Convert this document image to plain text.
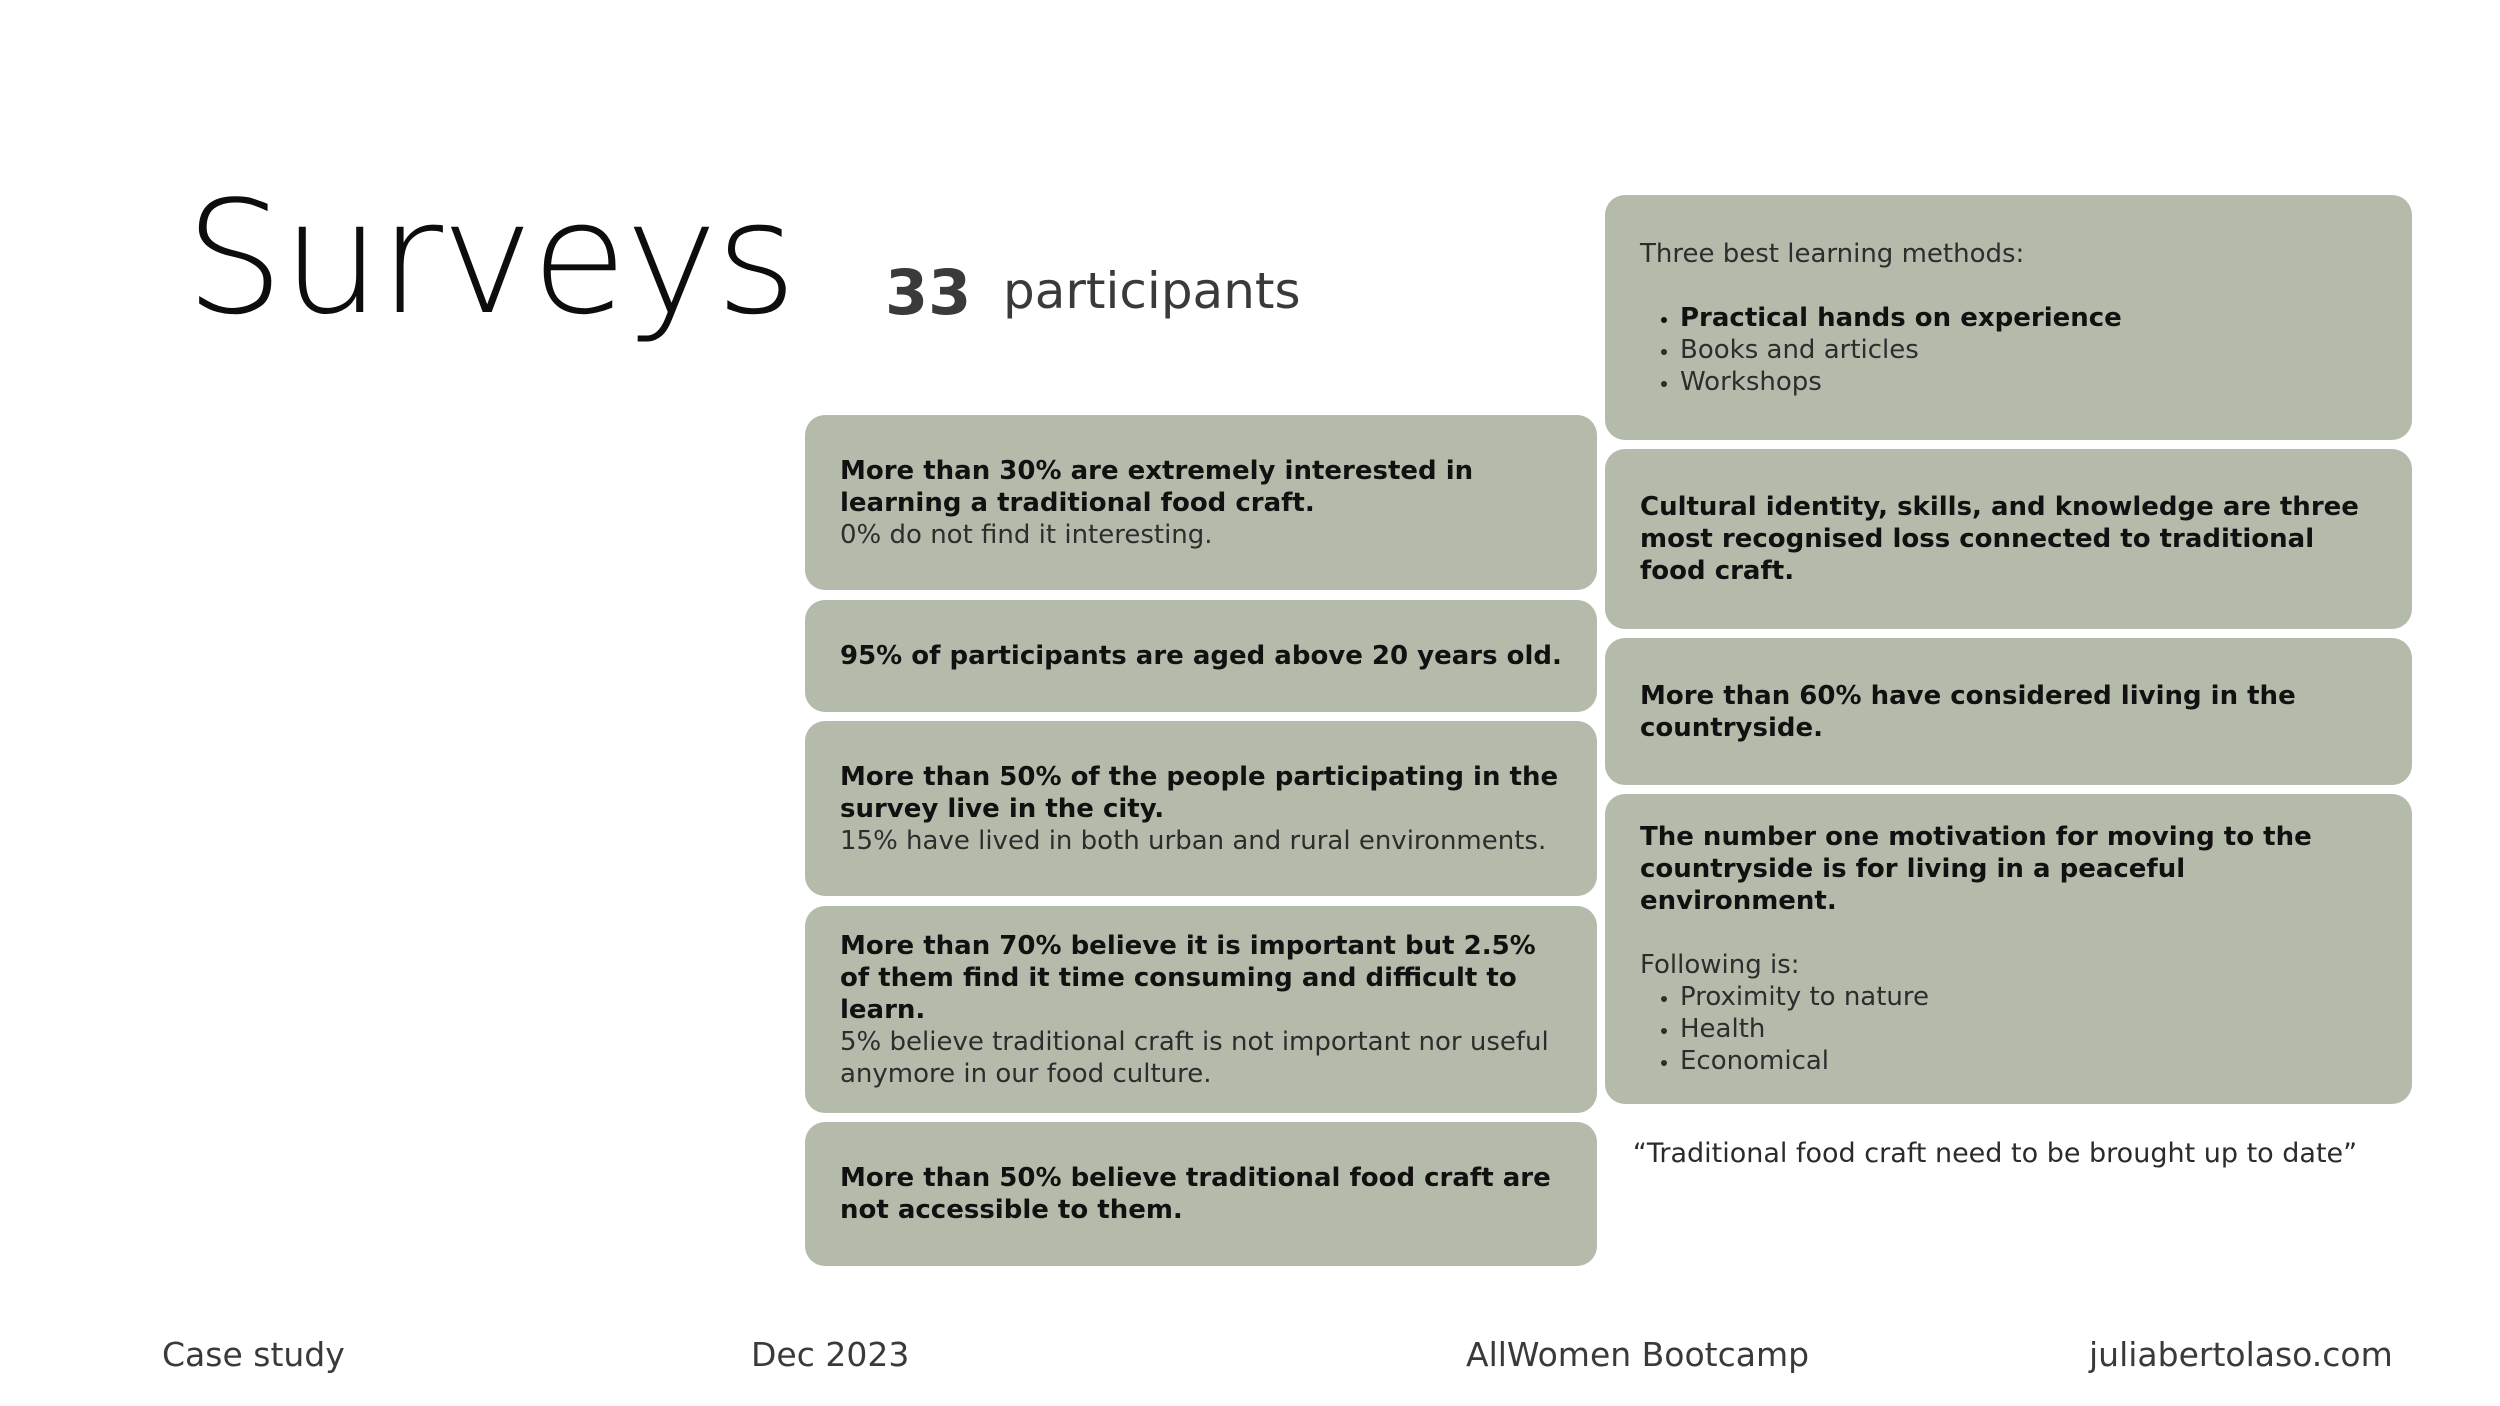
Surveys 33 participants
More than 30% are extremely interested in learning a traditional food craft.
0% do not find it interesting.
95% of participants are aged above 20 years old.
More than 50% of the people participating in the survey live in the city.
15% have lived in both urban and rural environments.
More than 70% believe it is important but 2.5% of them find it time consuming and difficult to learn.
5% believe traditional craft is not important nor useful anymore in our food culture.
More than 50% believe traditional food craft are not accessible to them.
Three best learning methods:
• Practical hands on experience
• Books and articles
• Workshops
Cultural identity, skills, and knowledge are three most recognised loss connected to traditional food craft.
More than 60% have considered living in the countryside.
The number one motivation for moving to the countryside is for living in a peaceful environment.
Following is:
• Proximity to nature
• Health
• Economical
“Traditional food craft need to be brought up to date”
Case study	Dec 2023	AllWomen Bootcamp	juliabertolaso.com
